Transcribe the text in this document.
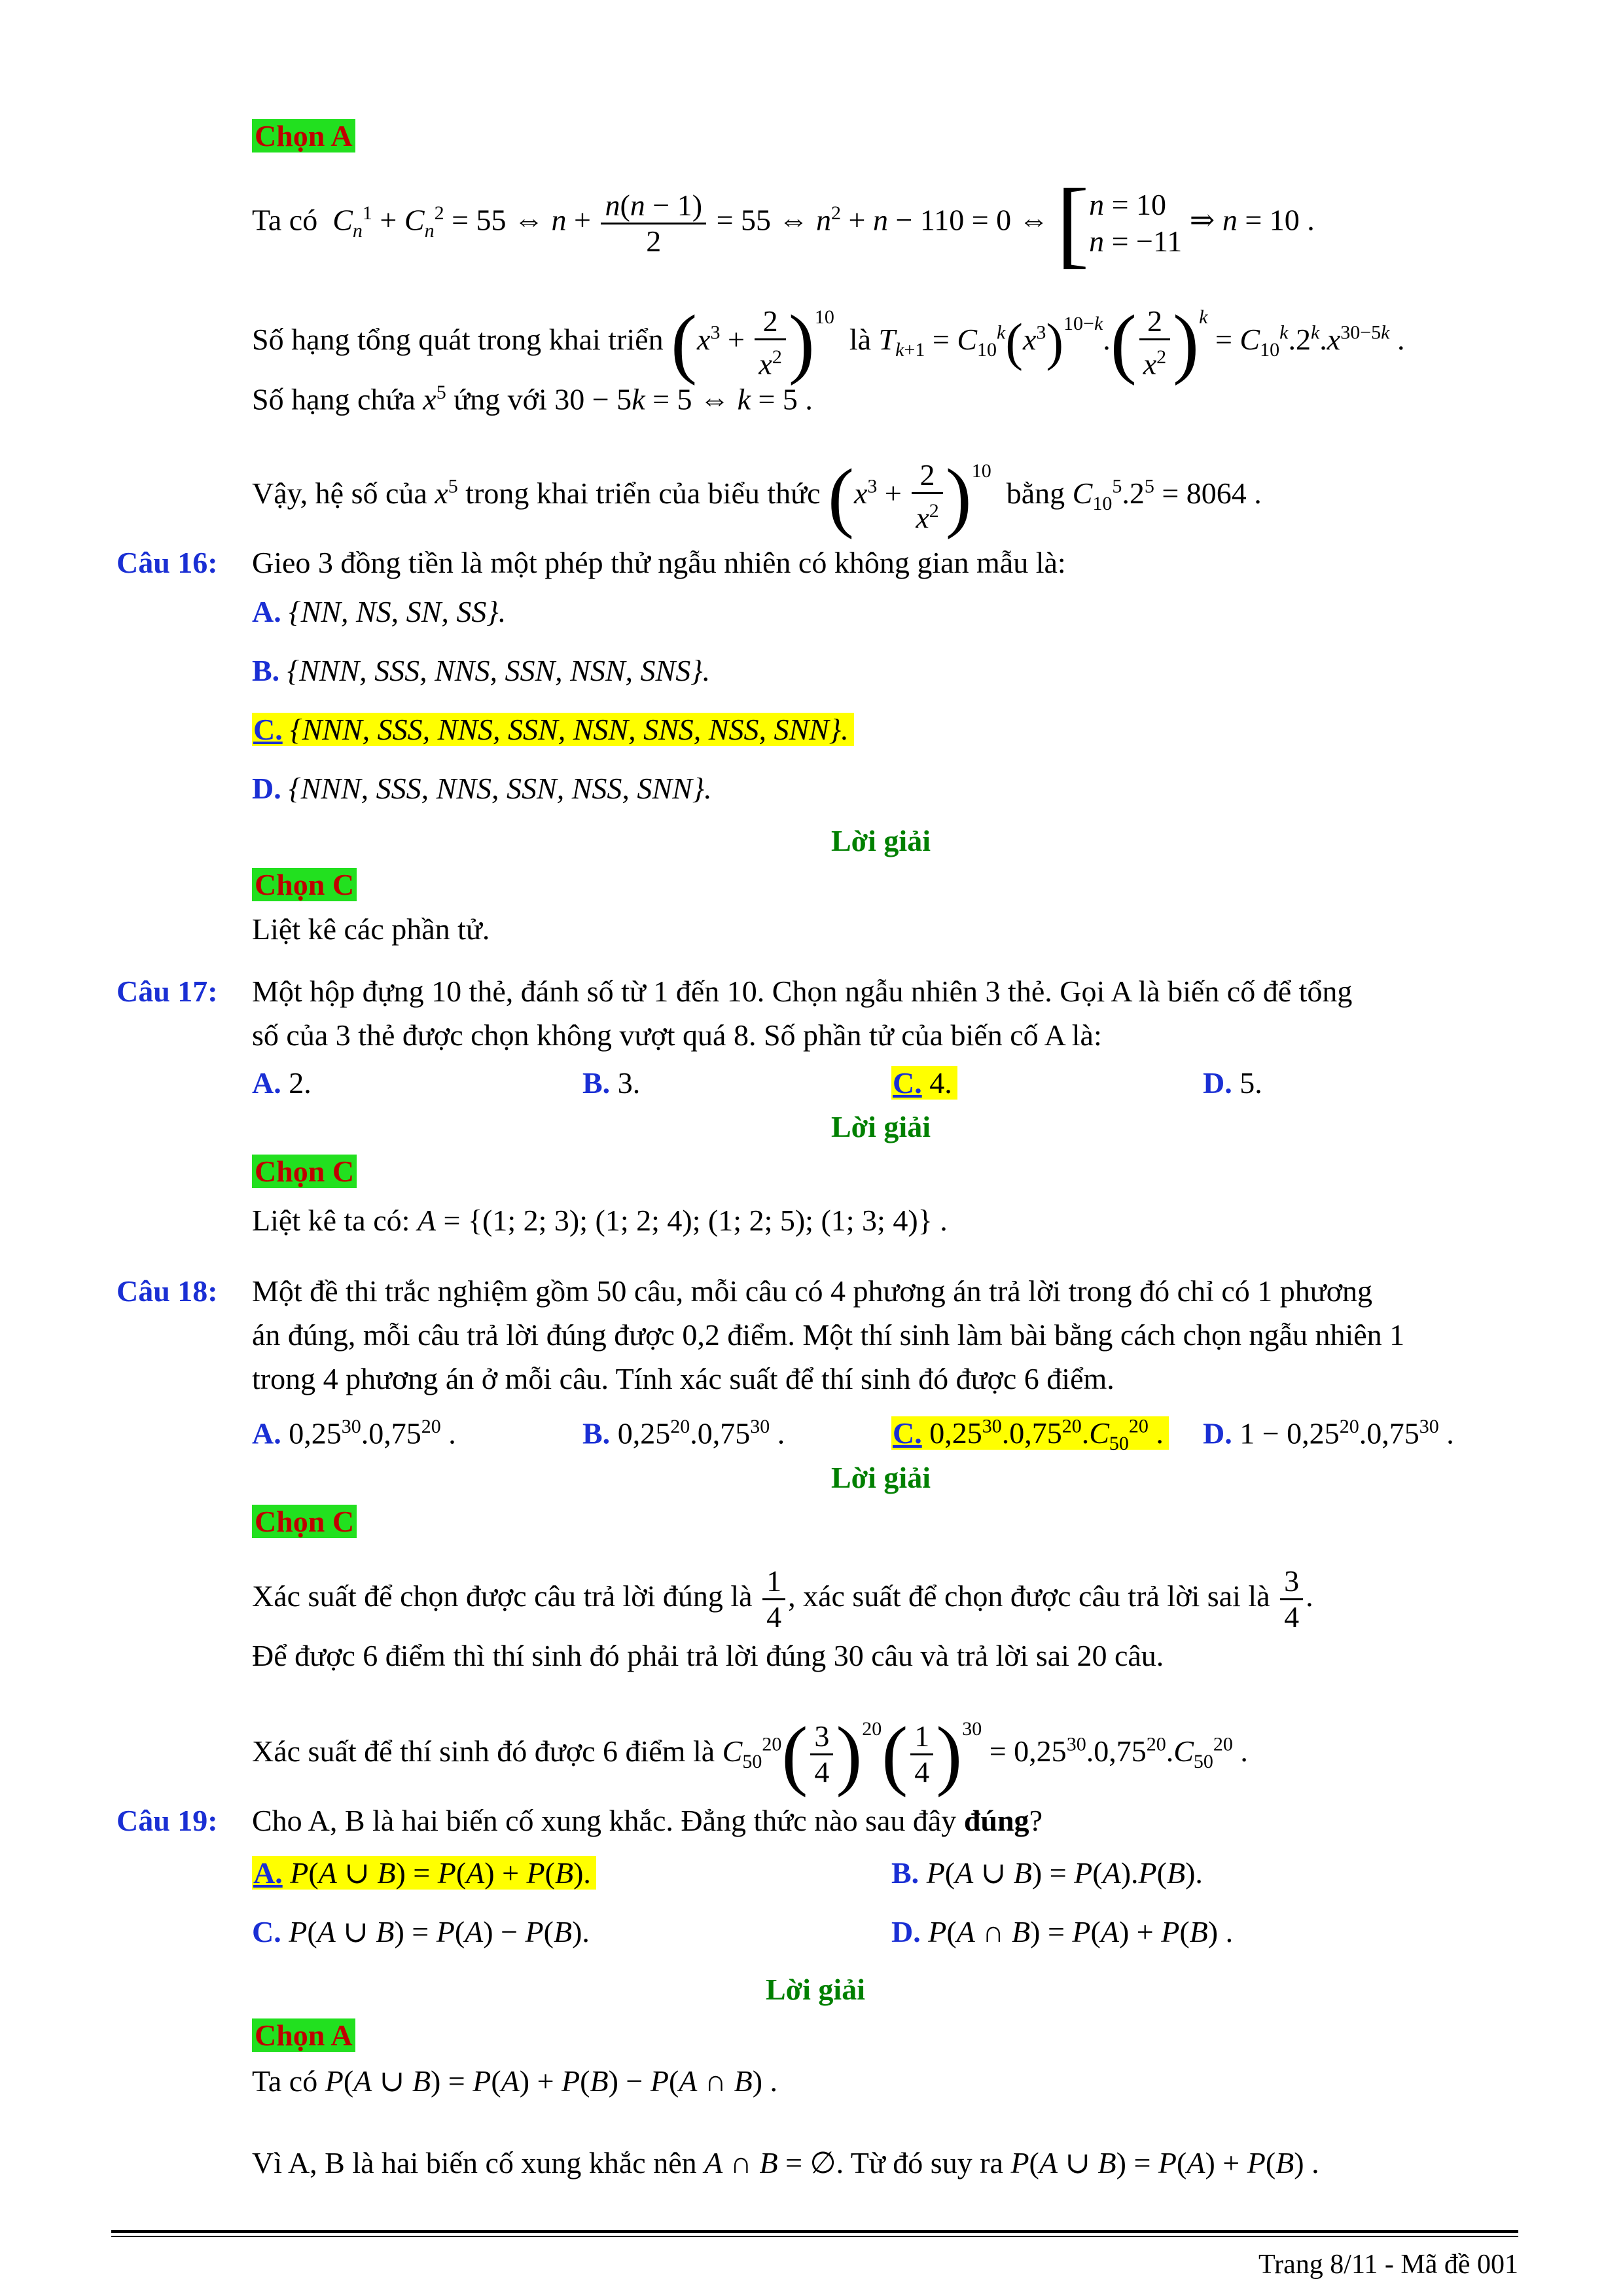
Chọn A
Ta có $C_n^1 + C_n^2 = 55$ ⇔ $n + \frac{n(n - 1)}{2} = 55$ ⇔ $n^2 + n - 110 = 0$ ⇔ [ n = 10
n = −11
⇒ n = 10 .
Số hạng tổng quát trong khai triển $(x^3 + \frac{2}{x^2} )^{10}$  là $T_{k+1} = C_{10}^k(x^3)^{10-k}.( \frac{2}{x^2} )^k = C_{10}^k.2^k.x^{30-5k}$ .
Số hạng chứa $x^5$ ứng với 30 − 5k = 5 ⇔ k = 5 .
Vậy, hệ số của $x^5$ trong khai triển của biểu thức $(x^3 + \frac{2}{x^2} )^{10}$  bằng $C_{10}^5.2^5 = 8064$ .
Câu 16: Gieo 3 đồng tiền là một phép thử ngẫu nhiên có không gian mẫu là:
A. {NN, NS, SN, SS}.
B. {NNN, SSS, NNS, SSN, NSN, SNS}.
C. {NNN, SSS, NNS, SSN, NSN, SNS, NSS, SNN}.
D. {NNN, SSS, NNS, SSN, NSS, SNN}.
Lời giải
Chọn C
Liệt kê các phần tử.
Câu 17: Một hộp đựng 10 thẻ, đánh số từ 1 đến 10. Chọn ngẫu nhiên 3 thẻ. Gọi A là biến cố để tổng
số của 3 thẻ được chọn không vượt quá 8. Số phần tử của biến cố A là:
A. 2.	B. 3.	C. 4.	D. 5.
Lời giải
Chọn C
Liệt kê ta có: A = {(1; 2; 3); (1; 2; 4); (1; 2; 5); (1; 3; 4)} .
Câu 18: Một đề thi trắc nghiệm gồm 50 câu, mỗi câu có 4 phương án trả lời trong đó chỉ có 1 phương
án đúng, mỗi câu trả lời đúng được 0,2 điểm. Một thí sinh làm bài bằng cách chọn ngẫu nhiên 1
trong 4 phương án ở mỗi câu. Tính xác suất để thí sinh đó được 6 điểm.
A. 0,25$^{30}$.0,75$^{20}$ .	B. 0,25$^{20}$.0,75$^{30}$ .	C. $0,25^{30}.0,75^{20}.C_{50}^{20}$ . D. $1 - 0,25^{20}.0,75^{30}$ .
Lời giải
Chọn C
Xác suất để chọn được câu trả lời đúng là $\frac{1}{4}$ , xác suất để chọn được câu trả lời sai là $\frac{3}{4}$ .
Để được 6 điểm thì thí sinh đó phải trả lời đúng 30 câu và trả lời sai 20 câu.
Xác suất để thí sinh đó được 6 điểm là $C_{50}^{20}( \frac{3}{4} )^{20}( \frac{1}{4} )^{30} = 0,25^{30}.0,75^{20}.C_{50}^{20}$ .
Câu 19: Cho A, B là hai biến cố xung khắc. Đẳng thức nào sau đây đúng?
A. P(A ∪ B) = P(A) + P(B).	B. P(A ∪ B) = P(A).P(B).
C. P(A ∪ B) = P(A) − P(B).	D. P(A ∩ B) = P(A) + P(B) .
Lời giải
Chọn A
Ta có P(A ∪ B) = P(A) + P(B) − P(A ∩ B) .
Vì A, B là hai biến cố xung khắc nên A ∩ B = ∅. Từ đó suy ra P(A ∪ B) = P(A) + P(B) .
Trang 8/11 - Mã đề 001
